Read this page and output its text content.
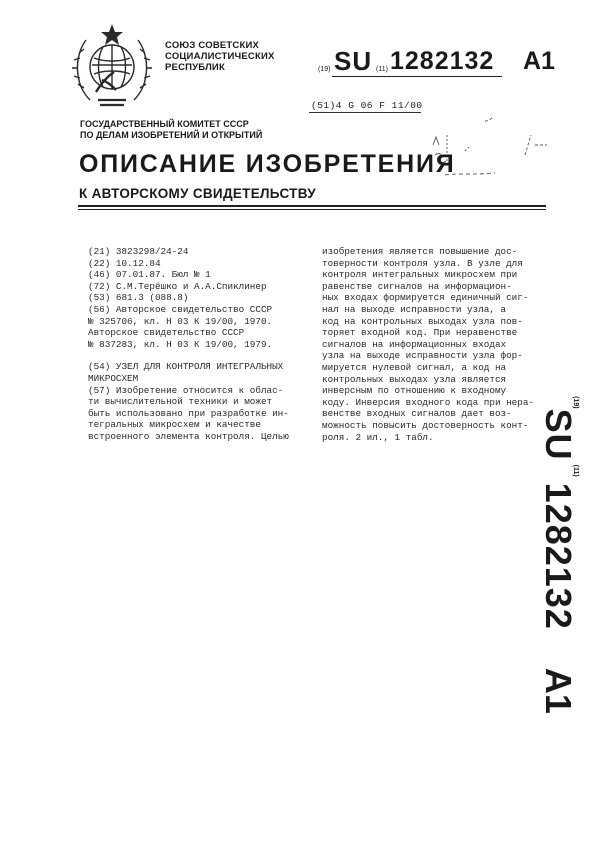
СОЮЗ СОВЕТСКИХ
СОЦИАЛИСТИЧЕСКИХ
РЕСПУБЛИК	(19) SU (11) 1282132 A1
(51)4 G 06 F 11/00
ГОСУДАРСТВЕННЫЙ КОМИТЕТ СССР
ПО ДЕЛАМ ИЗОБРЕТЕНИЙ И ОТКРЫТИЙ
ОПИСАНИЕ ИЗОБРЕТЕНИЯ
К АВТОРСКОМУ СВИДЕТЕЛЬСТВУ
(21) 3823298/24-24
(22) 10.12.84
(46) 07.01.87. Бюл № 1
(72) С.М.Терёшко и А.А.Спиклинер
(53) 681.3 (088.8)
(56) Авторское свидетельство СССР
№ 325706, кл. Н 03 К 19/00, 1970.
Авторское свидетельство СССР
№ 837283, кл. Н 03 К 19/00, 1979.
(54) УЗЕЛ ДЛЯ КОНТРОЛЯ ИНТЕГРАЛЬНЫХ
МИКРОСХЕМ
(57) Изобретение относится к облас-
ти вычислительной техники и может
быть использовано при разработке ин-
тегральных микросхем и качестве
встроенного элемента контроля. Целью
изобретения является повышение дос-
товерности контроля узла. В узле для
контроля интегральных микросхем при
равенстве сигналов на информацион-
ных входах формируется единичный сиг-
нал на выходе исправности узла, а
код на контрольных выходах узла пов-
торяет входной код. При неравенстве
сигналов на информационных входах
узла на выходе исправности узла фор-
мируется нулевой сигнал, а код на
контрольных выходах узла является
инверсным по отношению к входному
коду. Инверсия входного кода при нера-
венстве входных сигналов дает воз-
можность повысить достоверность конт-
роля. 2 ил., 1 табл.
$^{(19)}$SU$^{(11)}$1282132A1
